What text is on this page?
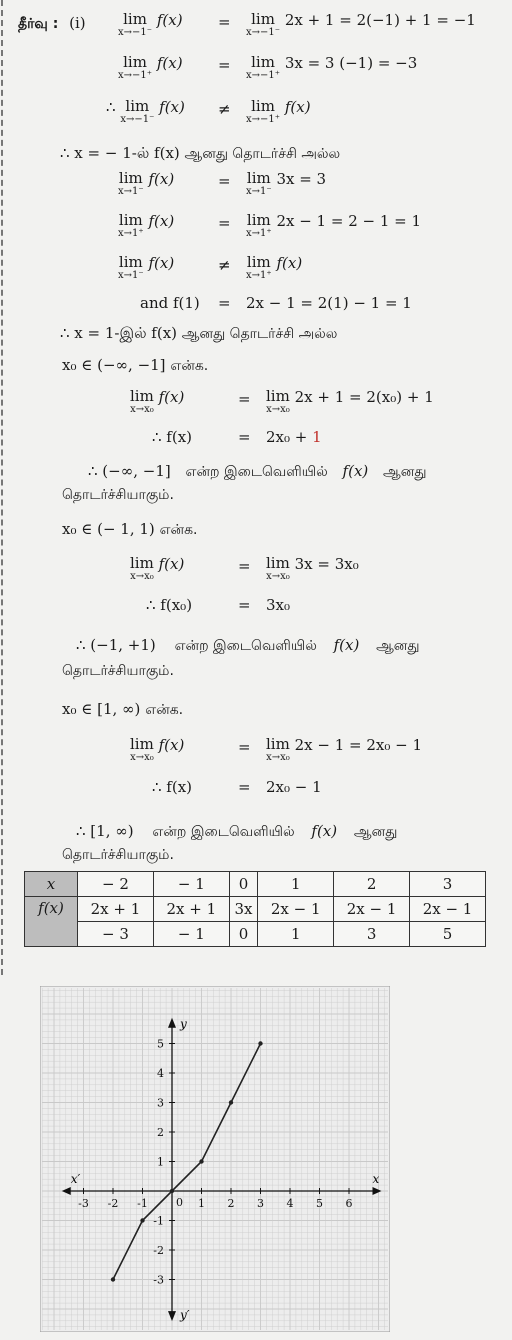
தீர்வு : (i)	lim
x→−1⁻
f(x) =	lim
x→−1⁻
2x + 1 = 2(−1) + 1 = −1
lim
x→−1⁺
f(x) =	lim
x→−1⁺
3x = 3 (−1) = −3
∴ lim
x→−1⁻
f(x) ≠	lim
x→−1⁺
f(x)
∴ x = − 1-ல் f(x) ஆனது தொடர்ச்சி அல்ல
lim
x→1⁻
f(x)	= lim
x→1⁻
3x = 3
lim
x→1⁺
f(x)	= lim
x→1⁺
2x − 1 = 2 − 1 = 1
lim
x→1⁻
f(x)	≠ lim
x→1⁺
f(x)
and f(1) = 2x − 1 = 2(1) − 1 = 1
∴ x = 1-இல் f(x) ஆனது தொடர்ச்சி அல்ல
x₀ ∈ (−∞, −1] என்க.
lim
x→x₀
f(x)	= lim
x→x₀
2x + 1 = 2(x₀) + 1
∴ f(x)	= 2x₀ + 1
∴ (−∞, −1] என்ற இடைவெளியில் f(x) ஆனது
தொடர்ச்சியாகும்.
x₀ ∈ (− 1, 1) என்க.
lim
x→x₀
f(x)	= lim
x→x₀
3x = 3x₀
∴ f(x₀)	= 3x₀
∴ (−1, +1) என்ற இடைவெளியில் f(x) ஆனது
தொடர்ச்சியாகும்.
x₀ ∈ [1, ∞) என்க.
lim
x→x₀
f(x)	= lim
x→x₀
2x − 1 = 2x₀ − 1
∴ f(x)	= 2x₀ − 1
∴ [1, ∞) என்ற இடைவெளியில் f(x) ஆனது
தொடர்ச்சியாகும்.
x	− 2	− 1	0	1	2	3
f(x)	2x + 1	2x + 1	3x	2x − 1	2x − 1	2x − 1
	− 3	− 1	0	1	3	5
-3 -2 -1	1 2 3 4 5 6
-3
-2
-1
1
2
3
4
5
0
x
x′
y
y′
